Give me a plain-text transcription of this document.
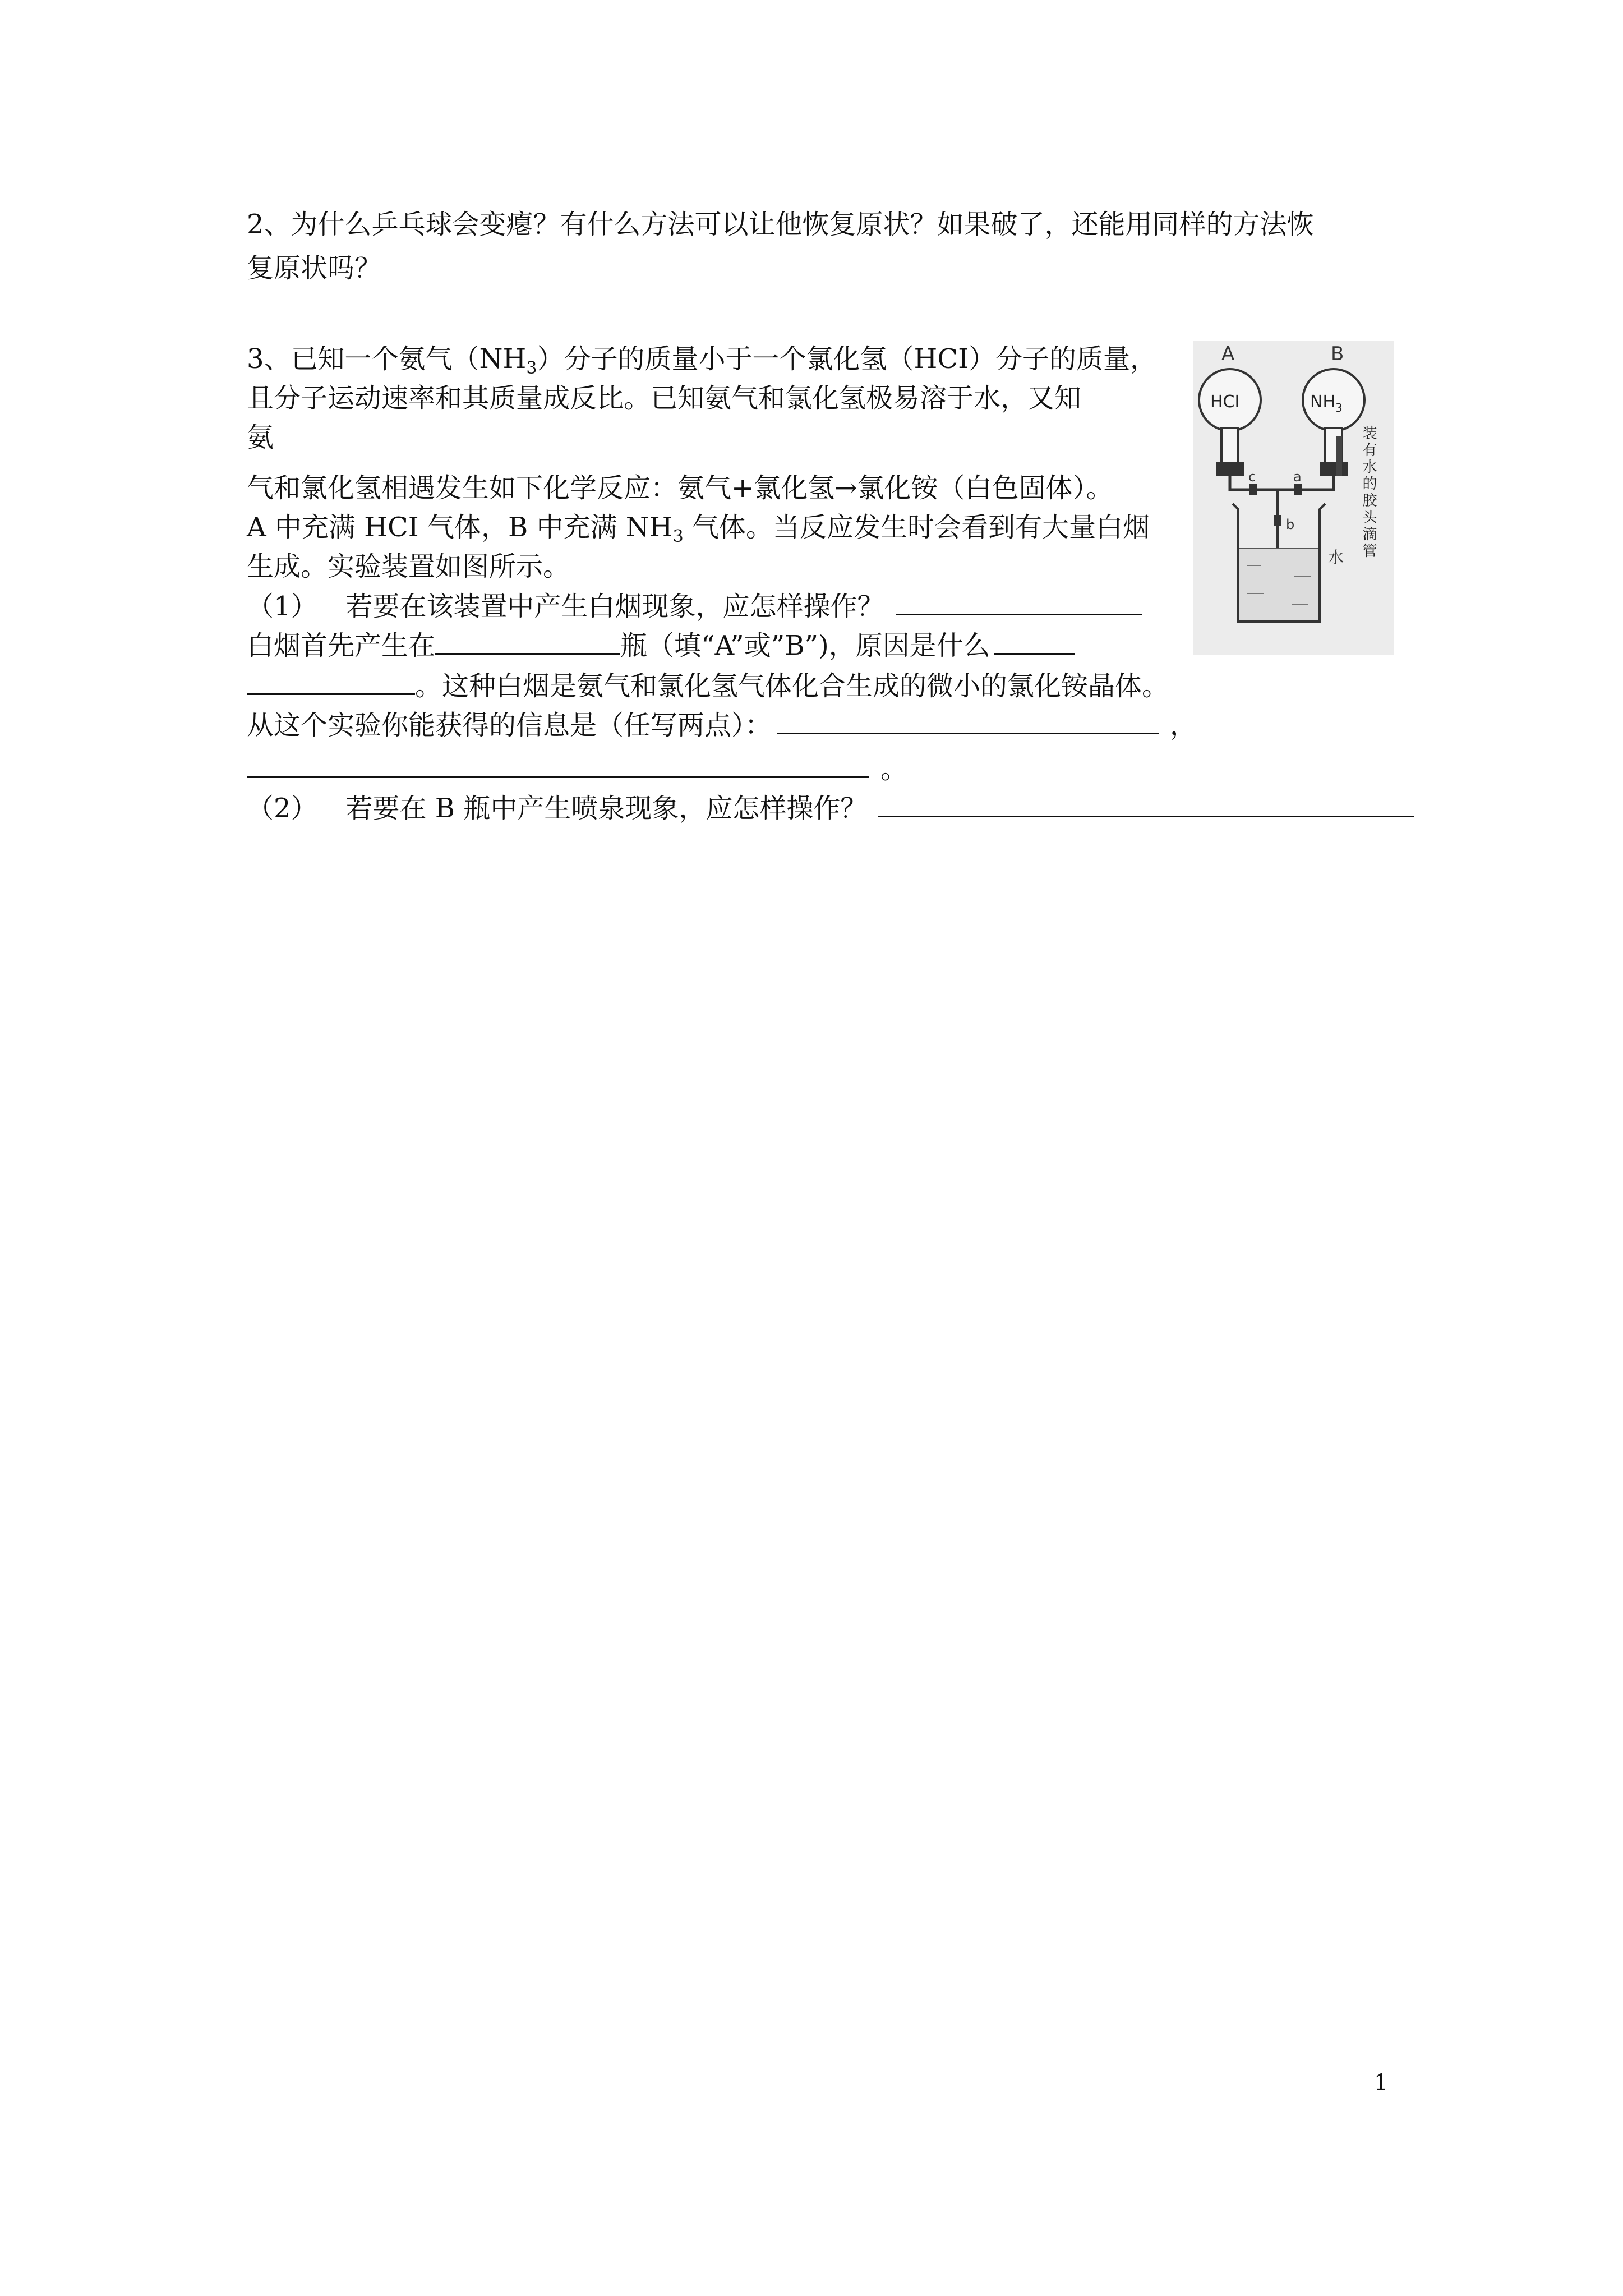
2、为什么乒乓球会变瘪？有什么方法可以让他恢复原状？如果破了，还能用同样的方法恢
复原状吗？
3、已知一个氨气$(NH_3)$分子的质量小于一个氯化氢（HCI）分子的质量，
且分子运动速率和其质量成反比。已知氨气和氯化氢极易溶于水，又知
氨
气和氯化氢相遇发生如下化学反应：氨气+氯化氢→氯化铵（白色固体）。
A 中充满 HCI 气体，B 中充满 $NH_3$ 气体。当反应发生时会看到有大量白烟
生成。实验装置如图所示。
（1） 若要在该装置中产生白烟现象，应怎样操作？
白烟首先产生在	瓶（填“A”或”B”)，原因是什么
。这种白烟是氨气和氯化氢气体化合生成的微小的氯化铵晶体。
从这个实验你能获得的信息是（任写两点）：	，
。
（2） 若要在 B 瓶中产生喷泉现象，应怎样操作？
A	B
HCI	$NH_3$
c	a
b
水 装有水的胶头滴管
1
